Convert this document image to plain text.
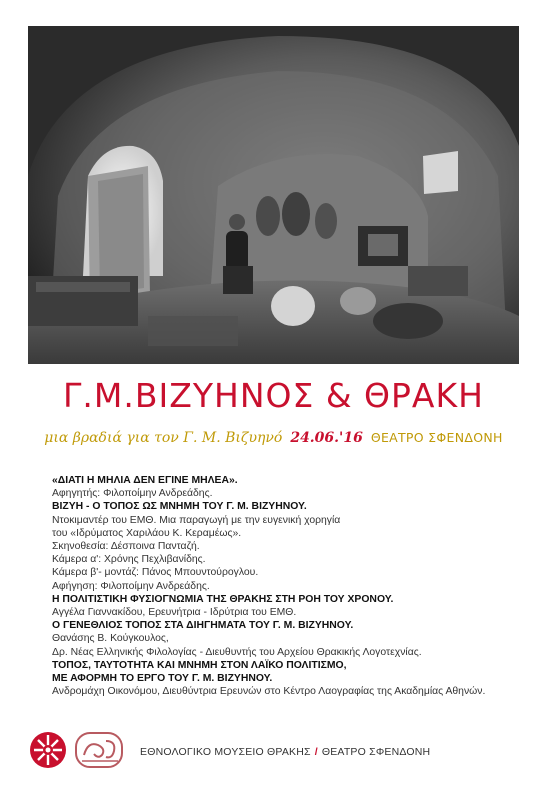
Γ.Μ.ΒΙΖΥΗΝΟΣ & ΘΡΑΚΗ
μια βραδιά για τον Γ. Μ. Βιζυηνό 24.06.'16 ΘΕΑΤΡΟ ΣΦΕΝΔΟΝΗ
«ΔΙΑΤΙ Η ΜΗΛΙΑ ΔΕΝ ΕΓΙΝΕ ΜΗΛΕΑ».
Αφηγητής: Φιλοποίμην Ανδρεάδης.
ΒΙΖΥΗ - Ο ΤΟΠΟΣ ΩΣ ΜΝΗΜΗ ΤΟΥ Γ. Μ. ΒΙΖΥΗΝΟΥ.
Ντοκιμαντέρ του ΕΜΘ. Μια παραγωγή με την ευγενική χορηγία
του «Ιδρύματος Χαριλάου Κ. Κεραμέως».
Σκηνοθεσία: Δέσποινα Πανταζή.
Κάμερα α': Χρόνης Πεχλιβανίδης.
Κάμερα β'- μοντάζ: Πάνος Μπουντούρογλου.
Αφήγηση: Φιλοποίμην Ανδρεάδης.
Η ΠΟΛΙΤΙΣΤΙΚΗ ΦΥΣΙΟΓΝΩΜΙΑ ΤΗΣ ΘΡΑΚΗΣ ΣΤΗ ΡΟΗ ΤΟΥ ΧΡΟΝΟΥ.
Αγγέλα Γιαννακίδου, Ερευνήτρια - Ιδρύτρια του ΕΜΘ.
Ο ΓΕΝΕΘΛΙΟΣ ΤΟΠΟΣ ΣΤΑ ΔΙΗΓΗΜΑΤΑ ΤΟΥ Γ. Μ. ΒΙΖΥΗΝΟΥ.
Θανάσης Β. Κούγκουλος,
Δρ. Νέας Ελληνικής Φιλολογίας - Διευθυντής του Αρχείου Θρακικής Λογοτεχνίας.
ΤΟΠΟΣ, ΤΑΥΤΟΤΗΤΑ ΚΑΙ ΜΝΗΜΗ ΣΤΟΝ ΛΑΪΚΟ ΠΟΛΙΤΙΣΜΟ,
ΜΕ ΑΦΟΡΜΗ ΤΟ ΕΡΓΟ ΤΟΥ Γ. Μ. ΒΙΖΥΗΝΟΥ.
Ανδρομάχη Οικονόμου, Διευθύντρια Ερευνών στο Κέντρο Λαογραφίας της Ακαδημίας Αθηνών.
ΕΘΝΟΛΟΓΙΚΟ ΜΟΥΣΕΙΟ ΘΡΑΚΗΣ / ΘΕΑΤΡΟ ΣΦΕΝΔΟΝΗ
